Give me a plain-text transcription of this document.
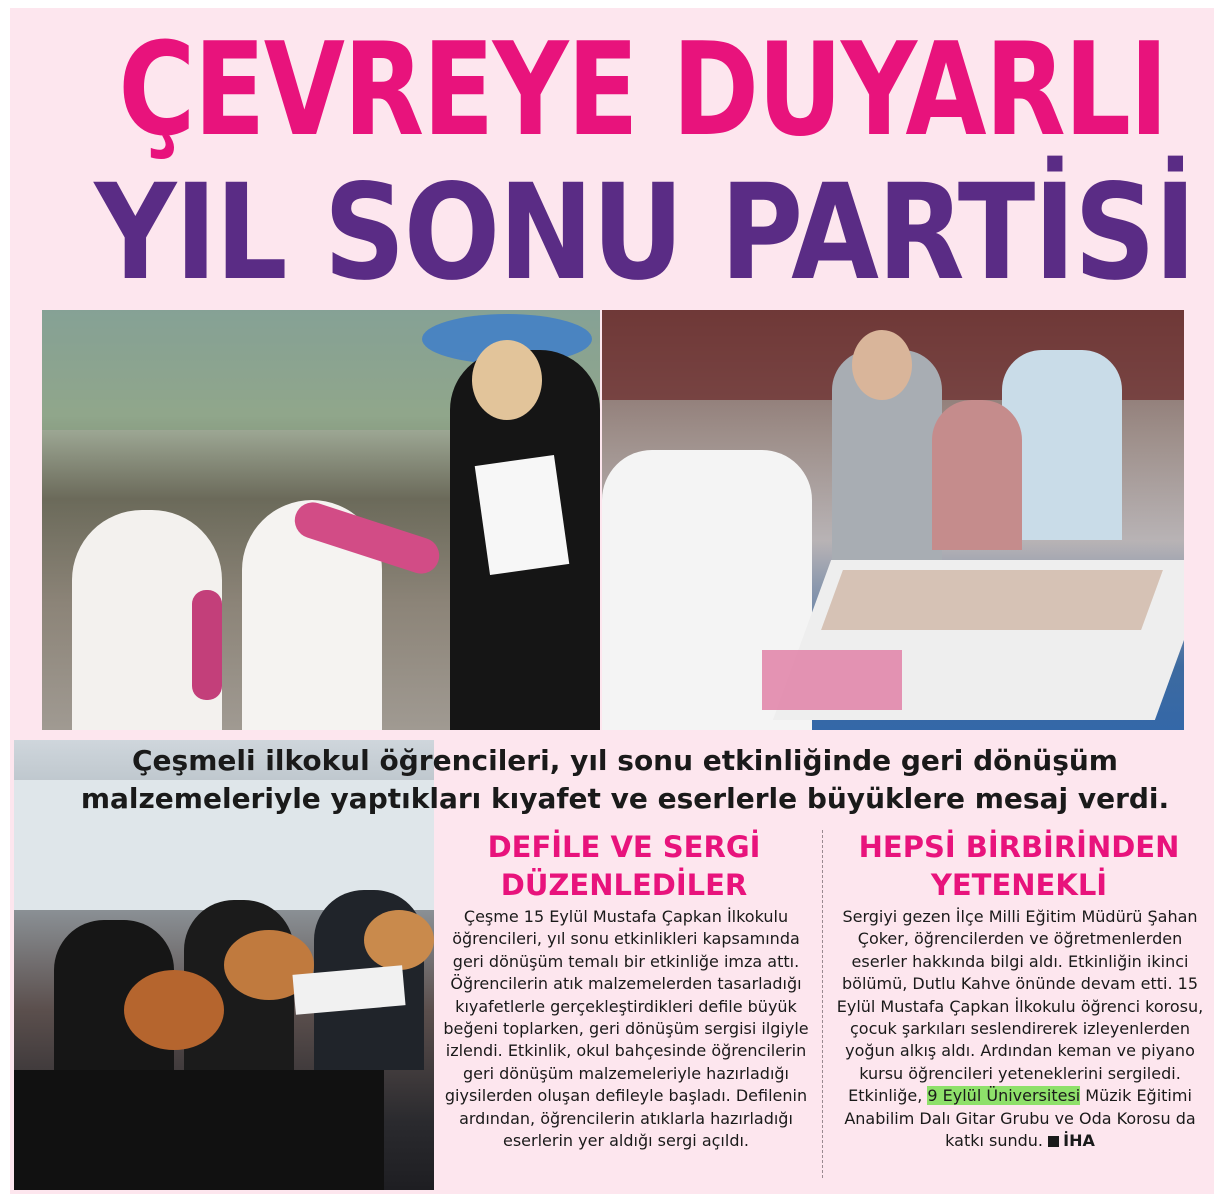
ÇEVREYE DUYARLI
YIL SONU PARTİSİ

Çeşmeli ilkokul öğrencileri, yıl sonu etkinliğinde geri dönüşüm malzemeleriyle yaptıkları kıyafet ve eserlerle büyüklere mesaj verdi.

DEFİLE VE SERGİ DÜZENLEDİLER

Çeşme 15 Eylül Mustafa Çapkan İlkokulu öğrencileri, yıl sonu etkinlikleri kapsamında geri dönüşüm temalı bir etkinliğe imza attı. Öğrencilerin atık malzemelerden tasarladığı kıyafetlerle gerçekleştirdikleri defile büyük beğeni toplarken, geri dönüşüm sergisi ilgiyle izlendi. Etkinlik, okul bahçesinde öğrencilerin geri dönüşüm malzemeleriyle hazırladığı giysilerden oluşan defileyle başladı. Defilenin ardından, öğrencilerin atıklarla hazırladığı eserlerin yer aldığı sergi açıldı.

HEPSİ BİRBİRİNDEN YETENEKLİ

Sergiyi gezen İlçe Milli Eğitim Müdürü Şahan Çoker, öğrencilerden ve öğretmenlerden eserler hakkında bilgi aldı. Etkinliğin ikinci bölümü, Dutlu Kahve önünde devam etti. 15 Eylül Mustafa Çapkan İlkokulu öğrenci korosu, çocuk şarkıları seslendirerek izleyenlerden yoğun alkış aldı. Ardından keman ve piyano kursu öğrencileri yeteneklerini sergiledi. Etkinliğe, 9 Eylül Üniversitesi Müzik Eğitimi Anabilim Dalı Gitar Grubu ve Oda Korosu da katkı sundu. İHA
